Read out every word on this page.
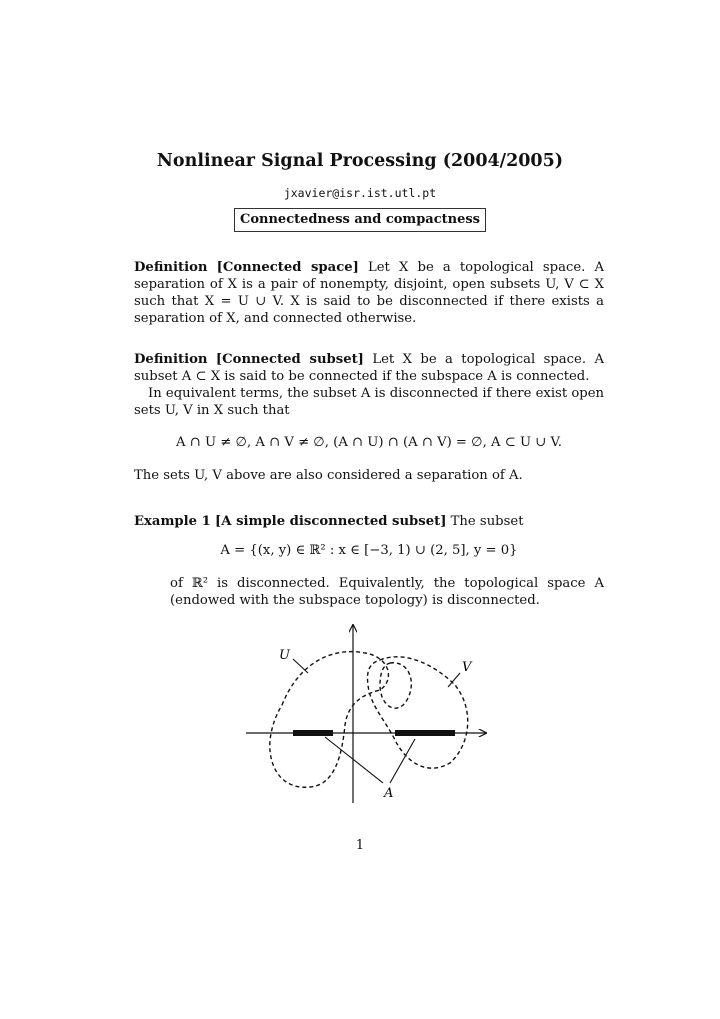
Nonlinear Signal Processing (2004/2005)
jxavier@isr.ist.utl.pt
Connectedness and compactness

Definition [Connected space] Let X be a topological space. A separation of X is a pair of nonempty, disjoint, open subsets U, V ⊂ X such that X = U ∪ V. X is said to be disconnected if there exists a separation of X, and connected otherwise.

Definition [Connected subset] Let X be a topological space. A subset A ⊂ X is said to be connected if the subspace A is connected.

In equivalent terms, the subset A is disconnected if there exist open sets U, V in X such that

A ∩ U ≠ ∅, A ∩ V ≠ ∅, (A ∩ U) ∩ (A ∩ V) = ∅, A ⊂ U ∪ V.
The sets U, V above are also considered a separation of A.

Example 1 [A simple disconnected subset] The subset

A = {(x, y) ∈ ℝ² : x ∈ [−3, 1) ∪ (2, 5], y = 0}
of ℝ² is disconnected. Equivalently, the topological space A (endowed with the subspace topology) is disconnected.
U
V
A
1
